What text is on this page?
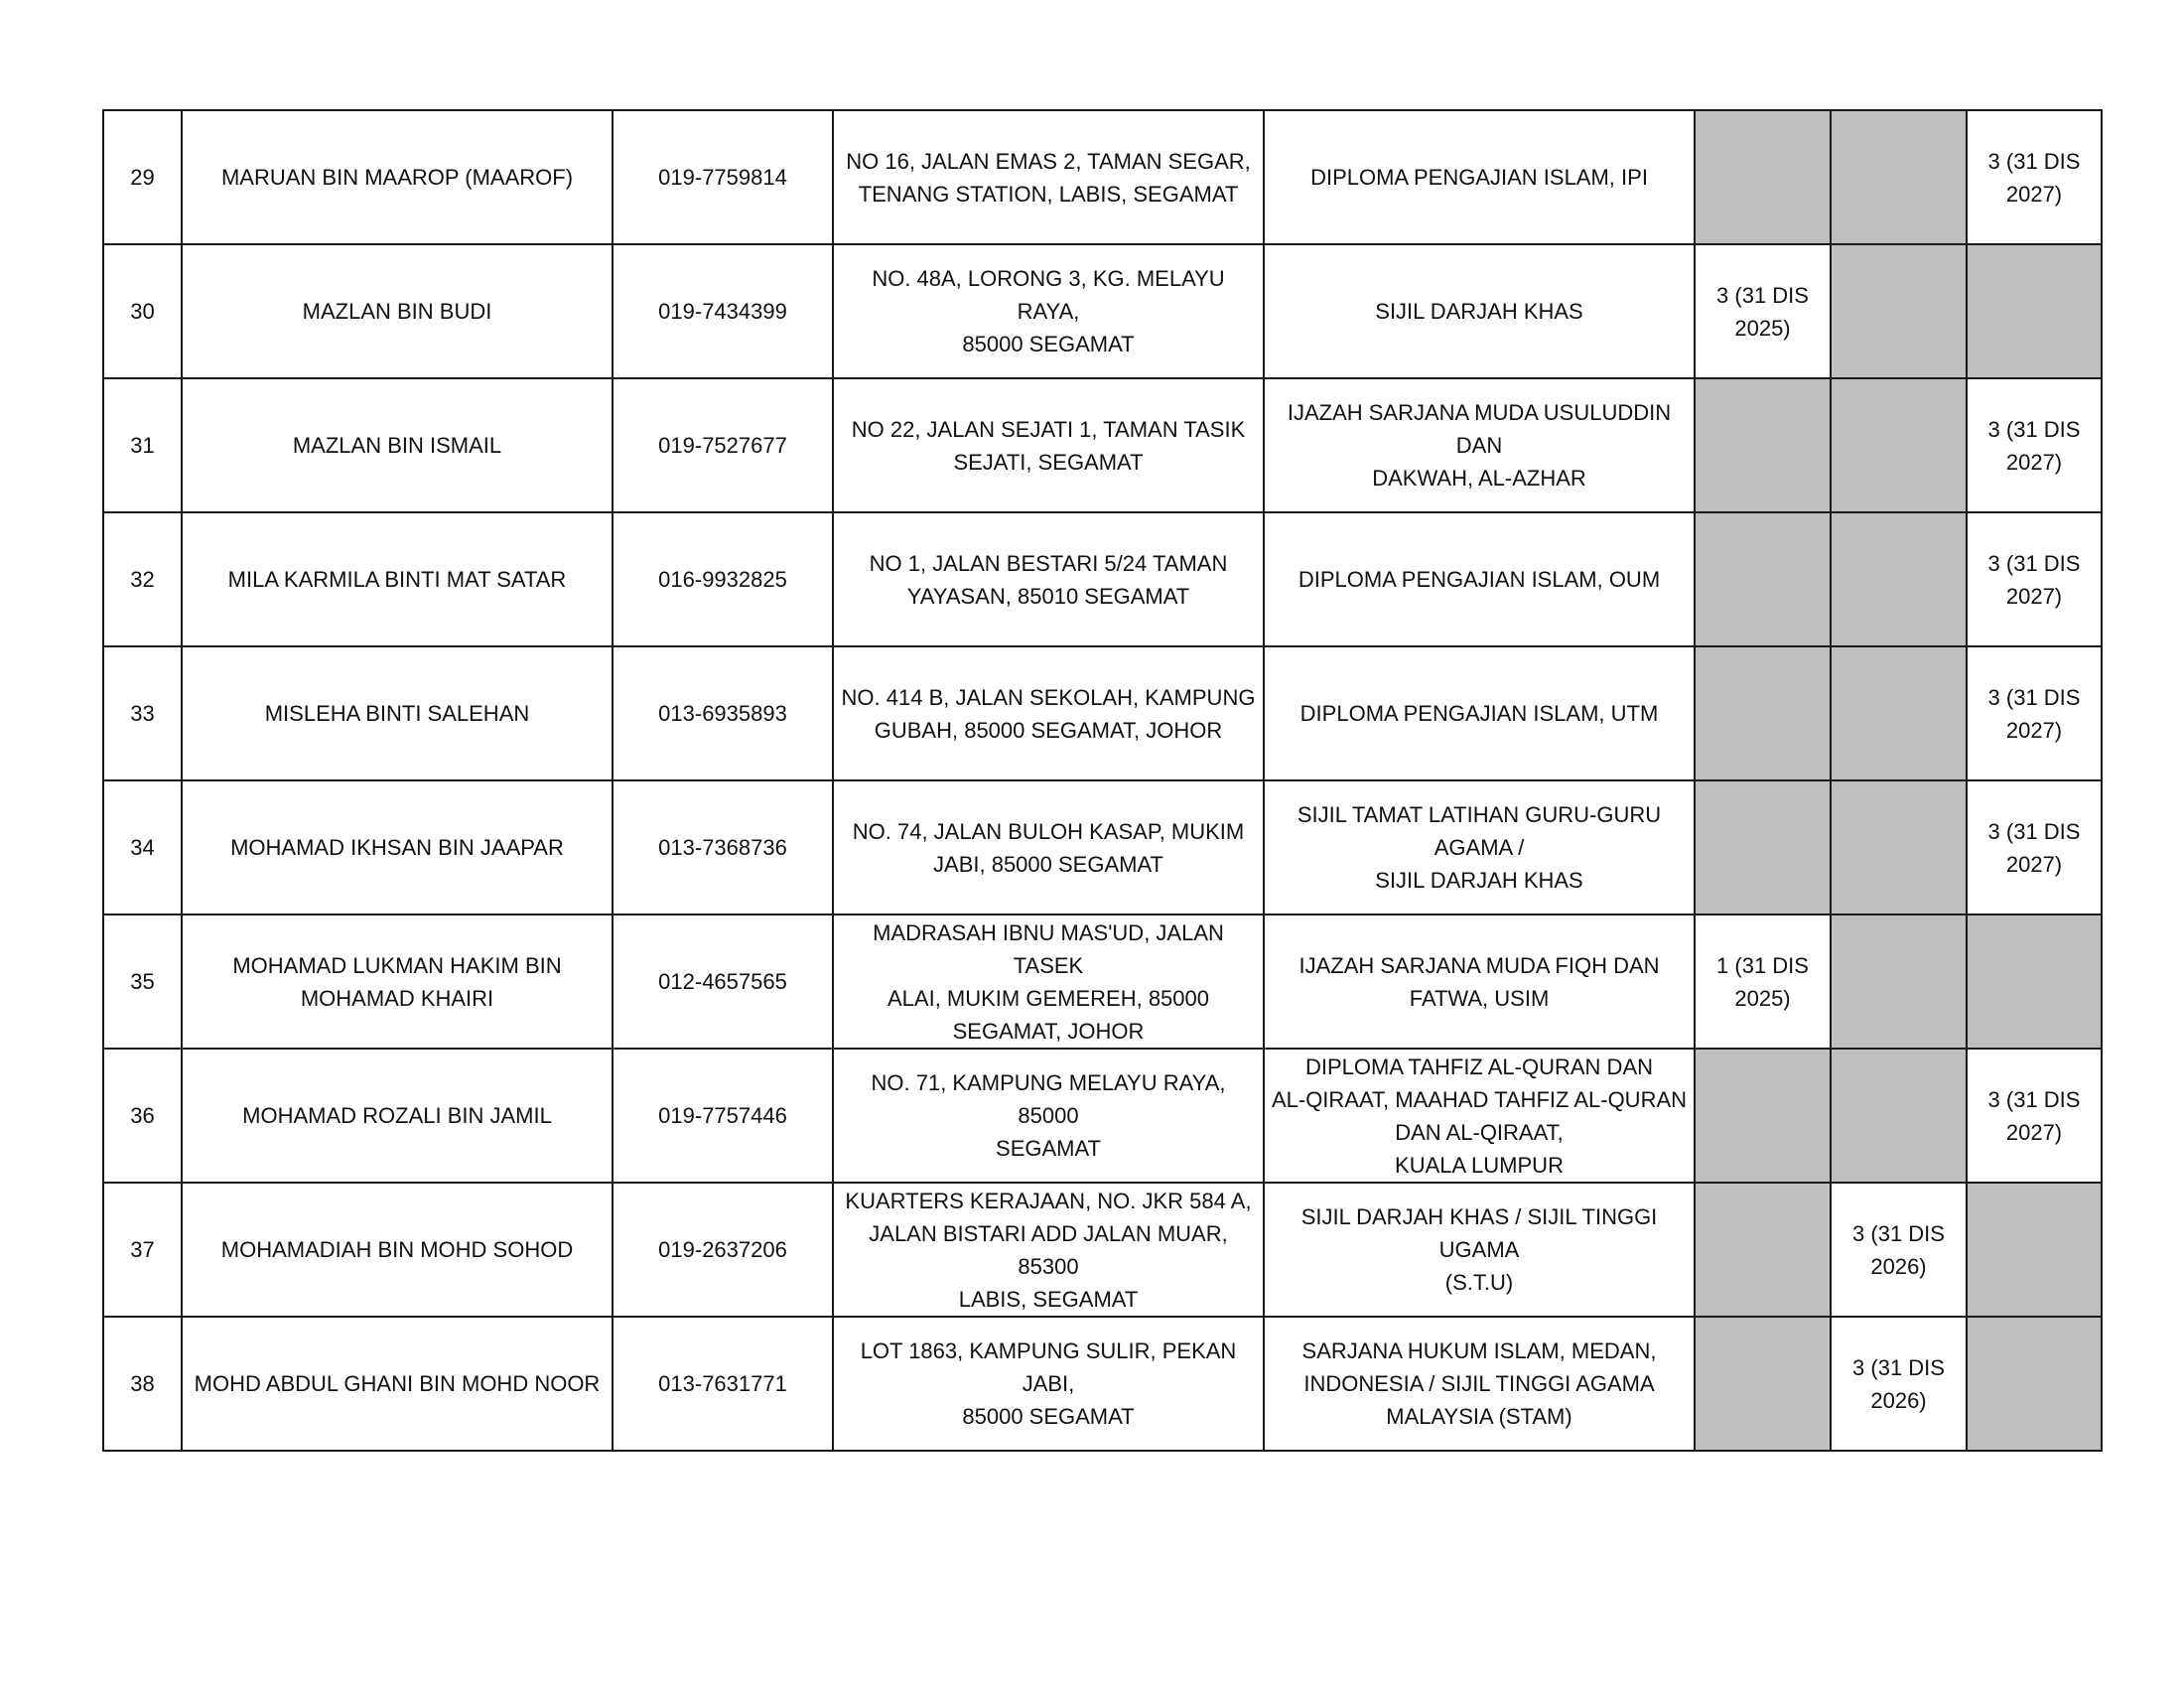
29	MARUAN BIN MAAROP (MAAROF)	019-7759814	NO 16, JALAN EMAS 2, TAMAN SEGAR,
TENANG STATION, LABIS, SEGAMAT	DIPLOMA PENGAJIAN ISLAM, IPI			3 (31 DIS
2027)
30	MAZLAN BIN BUDI	019-7434399	NO. 48A, LORONG 3, KG. MELAYU RAYA,
85000 SEGAMAT	SIJIL DARJAH KHAS	3 (31 DIS
2025)		
31	MAZLAN BIN ISMAIL	019-7527677	NO 22, JALAN SEJATI 1, TAMAN TASIK
SEJATI, SEGAMAT	IJAZAH SARJANA MUDA USULUDDIN DAN
DAKWAH, AL-AZHAR			3 (31 DIS
2027)
32	MILA KARMILA BINTI MAT SATAR	016-9932825	NO 1, JALAN BESTARI 5/24 TAMAN
YAYASAN, 85010 SEGAMAT	DIPLOMA PENGAJIAN ISLAM, OUM			3 (31 DIS
2027)
33	MISLEHA BINTI SALEHAN	013-6935893	NO. 414 B, JALAN SEKOLAH, KAMPUNG
GUBAH, 85000 SEGAMAT, JOHOR	DIPLOMA PENGAJIAN ISLAM, UTM			3 (31 DIS
2027)
34	MOHAMAD IKHSAN BIN JAAPAR	013-7368736	NO. 74, JALAN BULOH KASAP, MUKIM
JABI, 85000 SEGAMAT	SIJIL TAMAT LATIHAN GURU-GURU
AGAMA /
SIJIL DARJAH KHAS			3 (31 DIS
2027)
35	MOHAMAD LUKMAN HAKIM BIN
MOHAMAD KHAIRI	012-4657565	MADRASAH IBNU MAS'UD, JALAN TASEK
ALAI, MUKIM GEMEREH, 85000
SEGAMAT, JOHOR	IJAZAH SARJANA MUDA FIQH DAN
FATWA, USIM	1 (31 DIS
2025)		
36	MOHAMAD ROZALI BIN JAMIL	019-7757446	NO. 71, KAMPUNG MELAYU RAYA, 85000
SEGAMAT	DIPLOMA TAHFIZ AL-QURAN DAN
AL-QIRAAT, MAAHAD TAHFIZ AL-QURAN
DAN AL-QIRAAT,
KUALA LUMPUR			3 (31 DIS
2027)
37	MOHAMADIAH BIN MOHD SOHOD	019-2637206	KUARTERS KERAJAAN, NO. JKR 584 A,
JALAN BISTARI ADD JALAN MUAR, 85300
LABIS, SEGAMAT	SIJIL DARJAH KHAS / SIJIL TINGGI UGAMA
(S.T.U)		3 (31 DIS
2026)	
38	MOHD ABDUL GHANI BIN MOHD NOOR	013-7631771	LOT 1863, KAMPUNG SULIR, PEKAN JABI,
85000 SEGAMAT	SARJANA HUKUM ISLAM, MEDAN,
INDONESIA / SIJIL TINGGI AGAMA
MALAYSIA (STAM)		3 (31 DIS
2026)	
